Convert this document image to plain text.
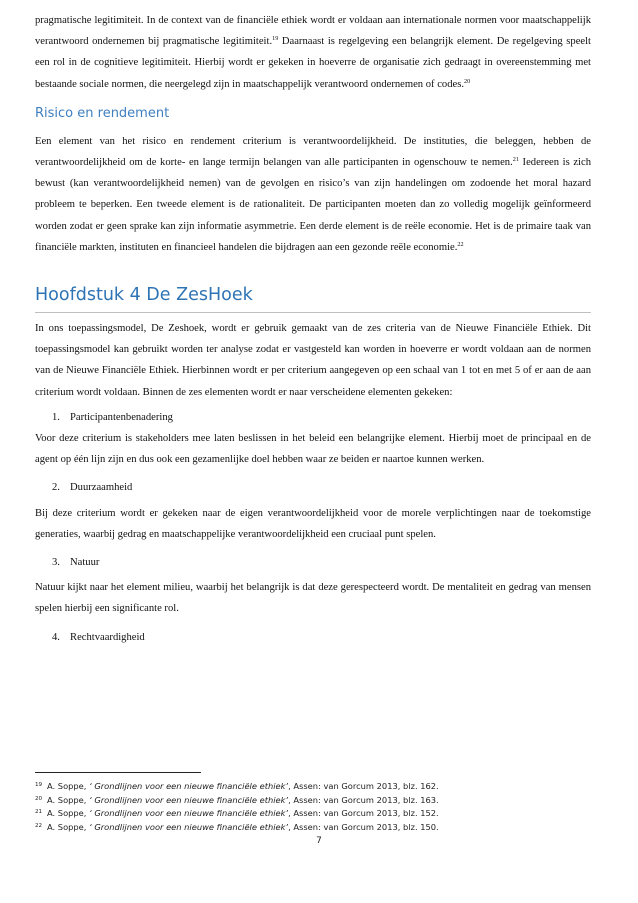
pragmatische legitimiteit. In de context van de financiële ethiek wordt er voldaan aan internationale normen voor maatschappelijk verantwoord ondernemen bij pragmatische legitimiteit.$^{19}$ Daarnaast is regelgeving een belangrijk element. De regelgeving speelt een rol in de cognitieve legitimiteit. Hierbij wordt er gekeken in hoeverre de organisatie zich gedraagt in overeenstemming met bestaande sociale normen, die neergelegd zijn in maatschappelijk verantwoord ondernemen of codes.$^{20}$

Risico en rendement

Een element van het risico en rendement criterium is verantwoordelijkheid. De instituties, die beleggen, hebben de verantwoordelijkheid om de korte- en lange termijn belangen van alle participanten in ogenschouw te nemen.$^{21}$ Iedereen is zich bewust (kan verantwoordelijkheid nemen) van de gevolgen en risico’s van zijn handelingen om zodoende het moral hazard probleem te beperken. Een tweede element is de rationaliteit. De participanten moeten dan zo volledig mogelijk geïnformeerd worden zodat er geen sprake kan zijn informatie asymmetrie. Een derde element is de reële economie. Het is de primaire taak van financiële markten, instituten en financieel handelen die bijdragen aan een gezonde reële economie.$^{22}$

Hoofdstuk 4 De ZesHoek

In ons toepassingsmodel, De Zeshoek, wordt er gebruik gemaakt van de zes criteria van de Nieuwe Financiële Ethiek. Dit toepassingsmodel kan gebruikt worden ter analyse zodat er vastgesteld kan worden in hoeverre er wordt voldaan aan de normen van de Nieuwe Financiële Ethiek. Hierbinnen wordt er per criterium aangegeven op een schaal van 1 tot en met 5 of er aan de aan criterium wordt voldaan. Binnen de zes elementen wordt er naar verscheidene elementen gekeken:

1. Participantenbenadering

Voor deze criterium is stakeholders mee laten beslissen in het beleid een belangrijke element. Hierbij moet de principaal en de agent op één lijn zijn en dus ook een gezamenlijke doel hebben waar ze beiden er naartoe kunnen werken.

2. Duurzaamheid

Bij deze criterium wordt er gekeken naar de eigen verantwoordelijkheid voor de morele verplichtingen naar de toekomstige generaties, waarbij gedrag en maatschappelijke verantwoordelijkheid een cruciaal punt spelen.

3. Natuur

Natuur kijkt naar het element milieu, waarbij het belangrijk is dat deze gerespecteerd wordt. De mentaliteit en gedrag van mensen spelen hierbij een significante rol.

4. Rechtvaardigheid

$^{19}$ A. Soppe, ‘ Grondlijnen voor een nieuwe financiële ethiek’, Assen: van Gorcum 2013, blz. 162.

$^{20}$ A. Soppe, ‘ Grondlijnen voor een nieuwe financiële ethiek’, Assen: van Gorcum 2013, blz. 163.

$^{21}$ A. Soppe, ‘ Grondlijnen voor een nieuwe financiële ethiek’, Assen: van Gorcum 2013, blz. 152.

$^{22}$ A. Soppe, ‘ Grondlijnen voor een nieuwe financiële ethiek’, Assen: van Gorcum 2013, blz. 150.

7
